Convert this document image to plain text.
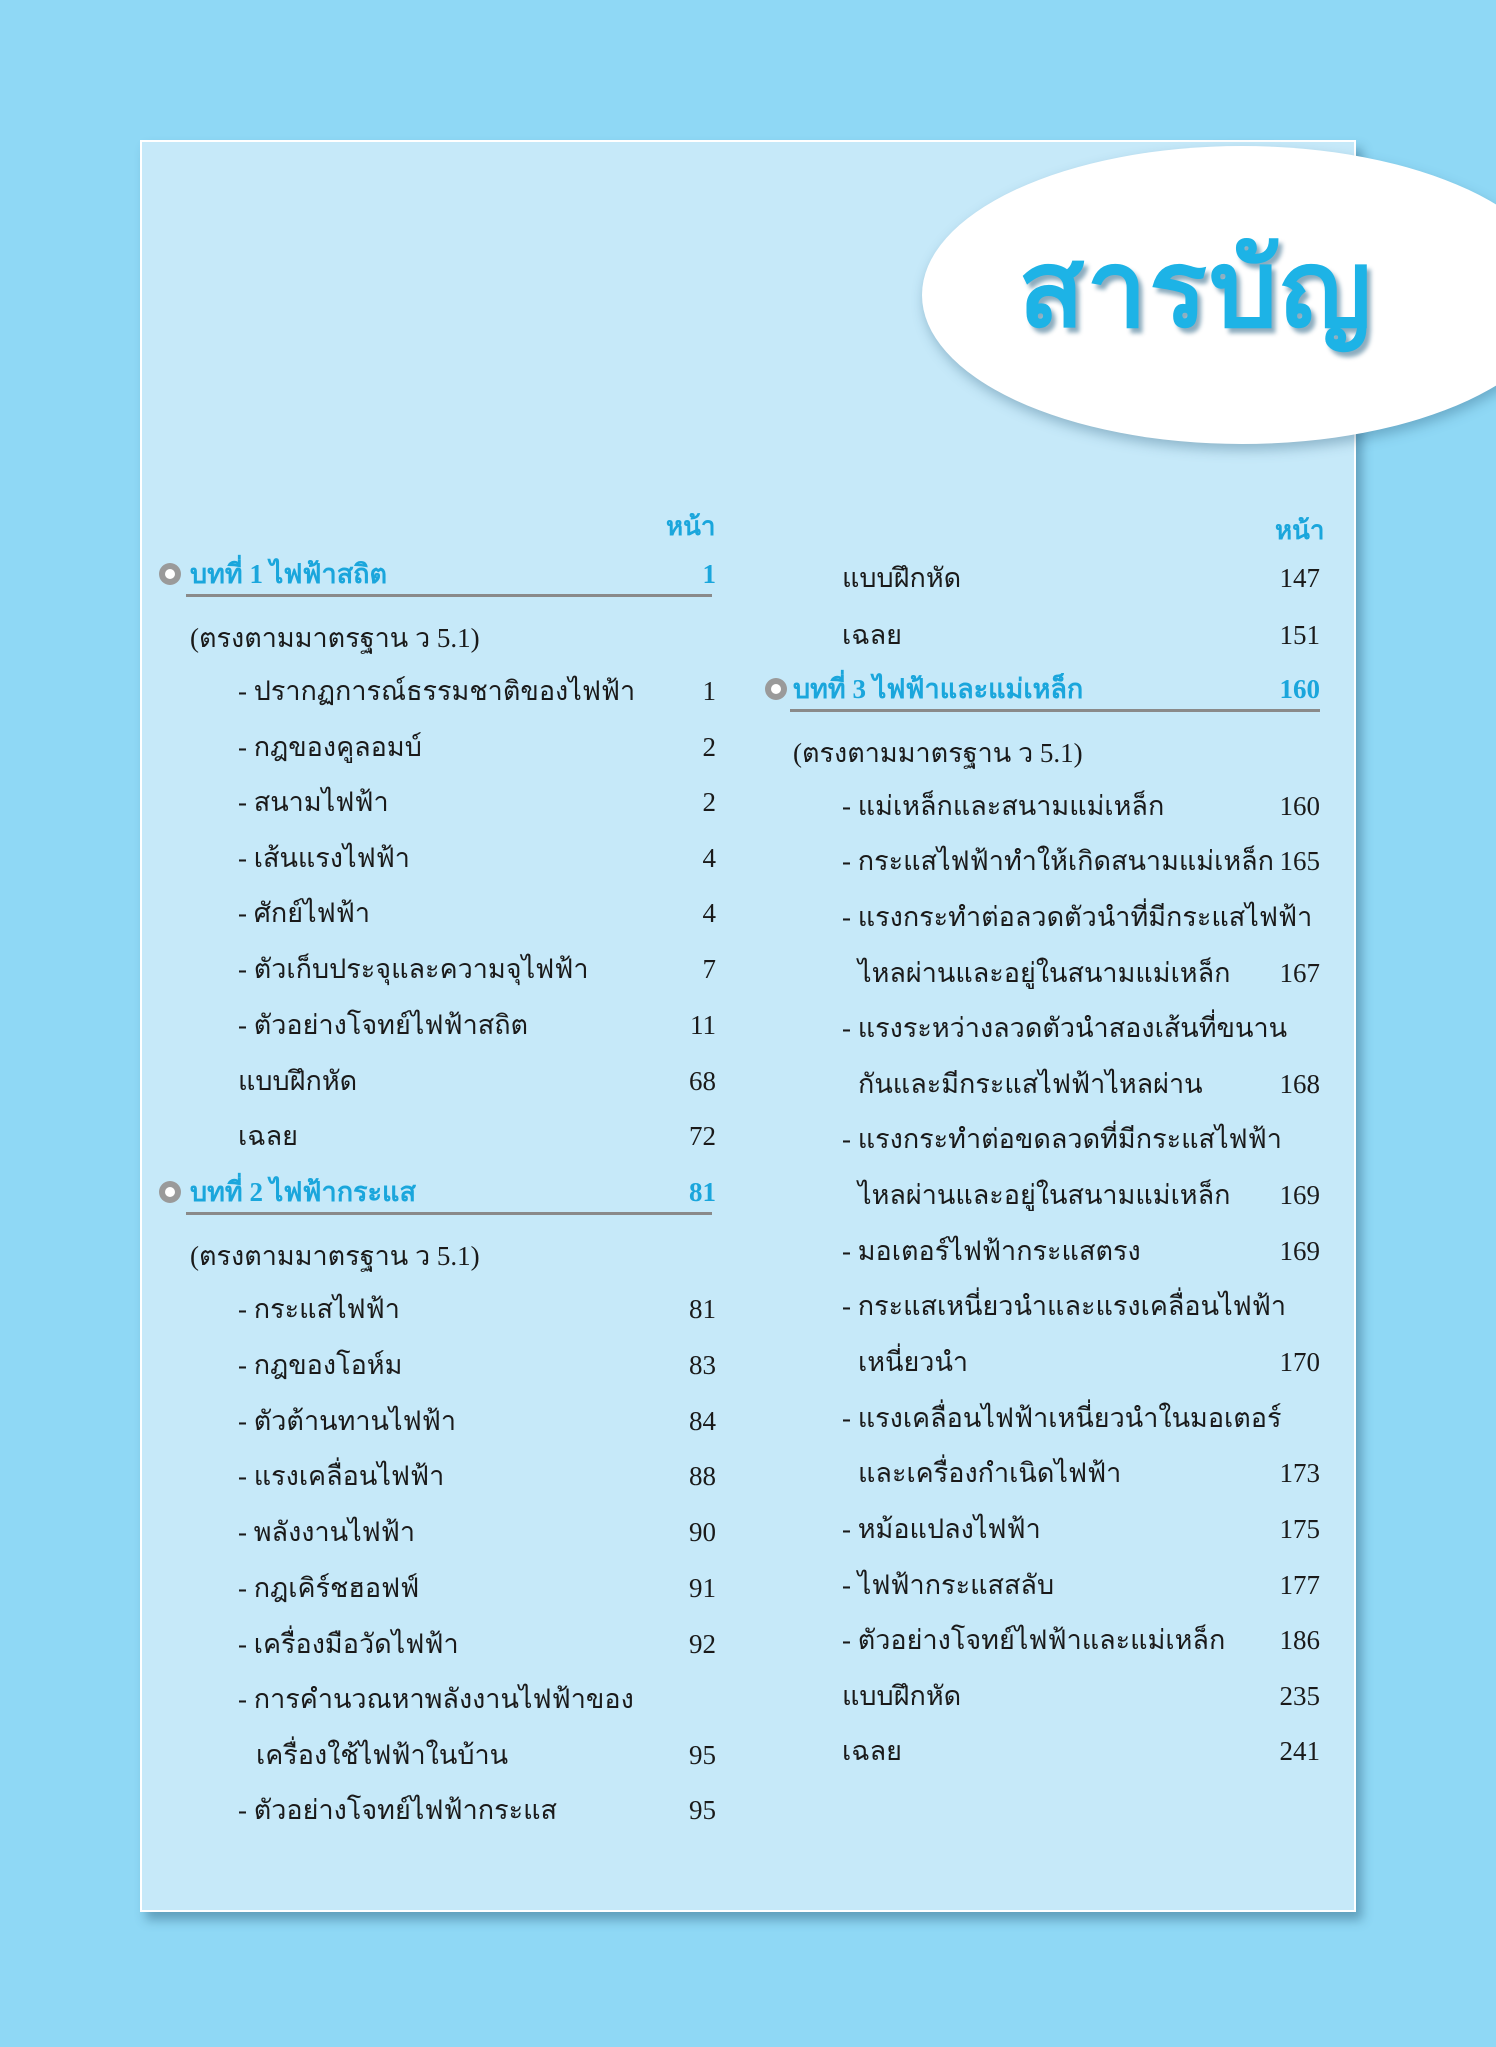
สารบัญ
หน้า	หน้า
บทที่ 1 ไฟฟ้าสถิต	1
(ตรงตามมาตรฐาน ว 5.1)
- ปรากฏการณ์ธรรมชาติของไฟฟ้า 1
- กฎของคูลอมบ์	2
- สนามไฟฟ้า	2
- เส้นแรงไฟฟ้า	4
- ศักย์ไฟฟ้า	4
- ตัวเก็บประจุและความจุไฟฟ้า	7
- ตัวอย่างโจทย์ไฟฟ้าสถิต	11
แบบฝึกหัด	68
เฉลย	72
บทที่ 2 ไฟฟ้ากระแส	81
(ตรงตามมาตรฐาน ว 5.1)
- กระแสไฟฟ้า	81
- กฎของโอห์ม	83
- ตัวต้านทานไฟฟ้า	84
- แรงเคลื่อนไฟฟ้า	88
- พลังงานไฟฟ้า	90
- กฎเคิร์ชฮอฟฟ์	91
- เครื่องมือวัดไฟฟ้า	92
- การคำนวณหาพลังงานไฟฟ้าของ
เครื่องใช้ไฟฟ้าในบ้าน	95
- ตัวอย่างโจทย์ไฟฟ้ากระแส	95
แบบฝึกหัด	147
เฉลย	151
บทที่ 3 ไฟฟ้าและแม่เหล็ก	160
(ตรงตามมาตรฐาน ว 5.1)
- แม่เหล็กและสนามแม่เหล็ก	160
- กระแสไฟฟ้าทำให้เกิดสนามแม่เหล็ก 165
- แรงกระทำต่อลวดตัวนำที่มีกระแสไฟฟ้า
ไหลผ่านและอยู่ในสนามแม่เหล็ก 167
- แรงระหว่างลวดตัวนำสองเส้นที่ขนาน
กันและมีกระแสไฟฟ้าไหลผ่าน	168
- แรงกระทำต่อขดลวดที่มีกระแสไฟฟ้า
ไหลผ่านและอยู่ในสนามแม่เหล็ก 169
- มอเตอร์ไฟฟ้ากระแสตรง	169
- กระแสเหนี่ยวนำและแรงเคลื่อนไฟฟ้า
เหนี่ยวนำ	170
- แรงเคลื่อนไฟฟ้าเหนี่ยวนำในมอเตอร์
และเครื่องกำเนิดไฟฟ้า	173
- หม้อแปลงไฟฟ้า	175
- ไฟฟ้ากระแสสลับ	177
- ตัวอย่างโจทย์ไฟฟ้าและแม่เหล็ก 186
แบบฝึกหัด	235
เฉลย	241
